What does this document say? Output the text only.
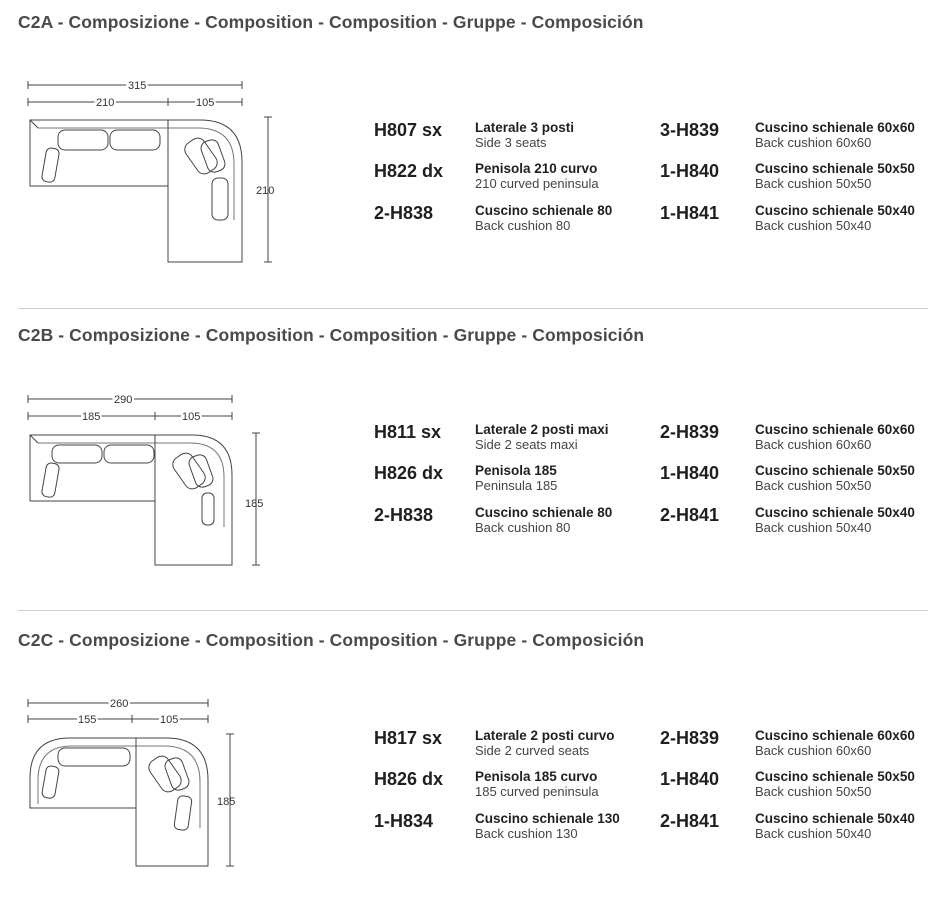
C2A - Composizione - Composition - Composition - Gruppe - Composición
315
210	105
210
H807 sx	Laterale 3 posti
Side 3 seats
H822 dx	Penisola 210 curvo
210 curved peninsula
2-H838	Cuscino schienale 80
Back cushion 80
3-H839	Cuscino schienale 60x60
Back cushion 60x60
1-H840	Cuscino schienale 50x50
Back cushion 50x50
1-H841	Cuscino schienale 50x40
Back cushion 50x40
C2B - Composizione - Composition - Composition - Gruppe - Composición
290
185	105
185
H811 sx	Laterale 2 posti maxi
Side 2 seats maxi
H826 dx	Penisola 185
Peninsula 185
2-H838	Cuscino schienale 80
Back cushion 80
2-H839	Cuscino schienale 60x60
Back cushion 60x60
1-H840	Cuscino schienale 50x50
Back cushion 50x50
2-H841	Cuscino schienale 50x40
Back cushion 50x40
C2C - Composizione - Composition - Composition - Gruppe - Composición
260
155	105
185
H817 sx	Laterale 2 posti curvo
Side 2 curved seats
H826 dx	Penisola 185 curvo
185 curved peninsula
1-H834	Cuscino schienale 130
Back cushion 130
2-H839	Cuscino schienale 60x60
Back cushion 60x60
1-H840	Cuscino schienale 50x50
Back cushion 50x50
2-H841	Cuscino schienale 50x40
Back cushion 50x40
